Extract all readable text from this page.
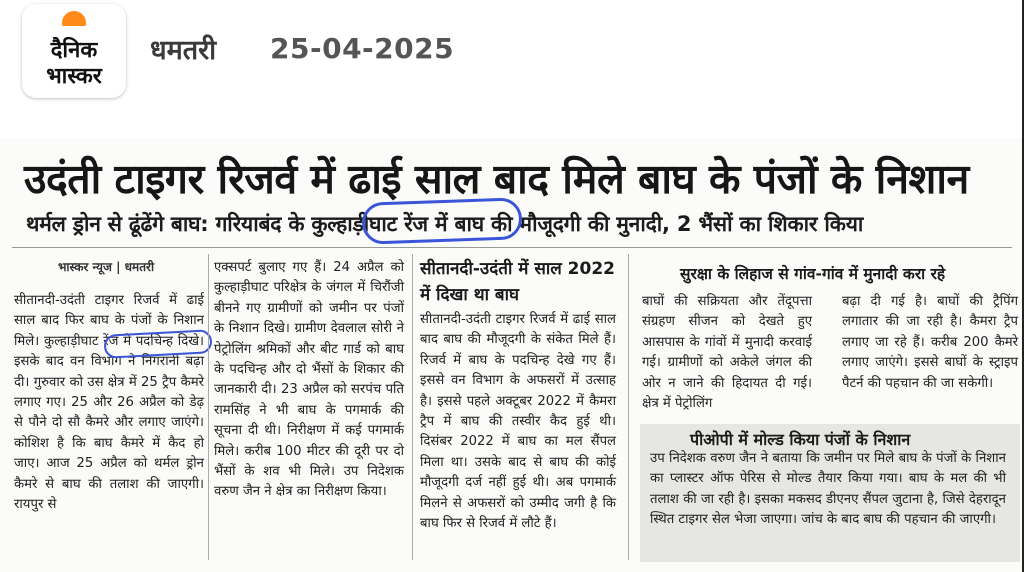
दैनिक
भास्कर
धमतरी 25-04-2025
उदंती टाइगर रिजर्व में ढाई साल बाद मिले बाघ के पंजों के निशान
थर्मल ड्रोन से ढूंढेंगे बाघ: गरियाबंद के कुल्हाड़ीघाट रेंज में बाघ की मौजूदगी की मुनादी, 2 भैंसों का शिकार किया
भास्कर न्यूज | धमतरी

सीतानदी-उदंती टाइगर रिजर्व में ढाई साल बाद फिर बाघ के पंजों के निशान मिले। कुल्हाड़ीघाट रेंज में पदचिन्ह दिखे। इसके बाद वन विभाग ने निगरानी बढ़ा दी। गुरुवार को उस क्षेत्र में 25 ट्रैप कैमरे लगाए गए। 25 और 26 अप्रैल को डेढ़ से पौने दो सौ कैमरे और लगाए जाएंगे। कोशिश है कि बाघ कैमरे में कैद हो जाए। आज 25 अप्रैल को थर्मल ड्रोन कैमरे से बाघ की तलाश की जाएगी। रायपुर से

एक्सपर्ट बुलाए गए हैं। 24 अप्रैल को कुल्हाड़ीघाट परिक्षेत्र के जंगल में चिरौंजी बीनने गए ग्रामीणों को जमीन पर पंजों के निशान दिखे। ग्रामीण देवलाल सोरी ने पेट्रोलिंग श्रमिकों और बीट गार्ड को बाघ के पदचिन्ह और दो भैंसों के शिकार की जानकारी दी। 23 अप्रैल को सरपंच पति रामसिंह ने भी बाघ के पगमार्क की सूचना दी थी। निरीक्षण में कई पगमार्क मिले। करीब 100 मीटर की दूरी पर दो भैंसों के शव भी मिले। उप निदेशक वरुण जैन ने क्षेत्र का निरीक्षण किया।

सीतानदी-उदंती में साल 2022 में दिखा था बाघ

सीतानदी-उदंती टाइगर रिजर्व में ढाई साल बाद बाघ की मौजूदगी के संकेत मिले हैं। रिजर्व में बाघ के पदचिन्ह देखे गए हैं। इससे वन विभाग के अफसरों में उत्साह है। इससे पहले अक्टूबर 2022 में कैमरा ट्रैप में बाघ की तस्वीर कैद हुई थी। दिसंबर 2022 में बाघ का मल सैंपल मिला था। उसके बाद से बाघ की कोई मौजूदगी दर्ज नहीं हुई थी। अब पगमार्क मिलने से अफसरों को उम्मीद जगी है कि बाघ फिर से रिजर्व में लौटे हैं।

सुरक्षा के लिहाज से गांव-गांव में मुनादी करा रहे

बाघों की सक्रियता और तेंदूपत्ता संग्रहण सीजन को देखते हुए आसपास के गांवों में मुनादी करवाई गई। ग्रामीणों को अकेले जंगल की ओर न जाने की हिदायत दी गई। क्षेत्र में पेट्रोलिंग

बढ़ा दी गई है। बाघों की ट्रैपिंग लगातार की जा रही है। कैमरा ट्रैप लगाए जा रहे हैं। करीब 200 कैमरे लगाए जाएंगे। इससे बाघों के स्ट्राइप पैटर्न की पहचान की जा सकेगी।

पीओपी में मोल्ड किया पंजों के निशान

उप निदेशक वरुण जैन ने बताया कि जमीन पर मिले बाघ के पंजों के निशान का प्लास्टर ऑफ पेरिस से मोल्ड तैयार किया गया। बाघ के मल की भी तलाश की जा रही है। इसका मकसद डीएनए सैंपल जुटाना है, जिसे देहरादून स्थित टाइगर सेल भेजा जाएगा। जांच के बाद बाघ की पहचान की जाएगी।
